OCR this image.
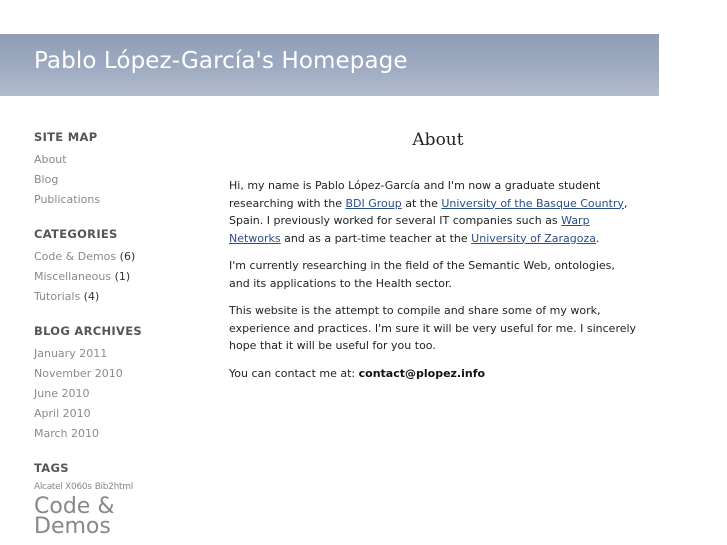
Pablo López-García's Homepage
SITE MAP
About
Blog
Publications
CATEGORIES
Code & Demos (6)
Miscellaneous (1)
Tutorials (4)
BLOG ARCHIVES
January 2011
November 2010
June 2010
April 2010
March 2010
TAGS
Alcatel X060s Bib2html
Code & Demos
About

Hi, my name is Pablo López-García and I'm now a graduate student researching with the BDI Group at the University of the Basque Country, Spain. I previously worked for several IT companies such as Warp Networks and as a part-time teacher at the University of Zaragoza.

I'm currently researching in the field of the Semantic Web, ontologies, and its applications to the Health sector.

This website is the attempt to compile and share some of my work, experience and practices. I'm sure it will be very useful for me. I sincerely hope that it will be useful for you too.

You can contact me at: contact@plopez.info
